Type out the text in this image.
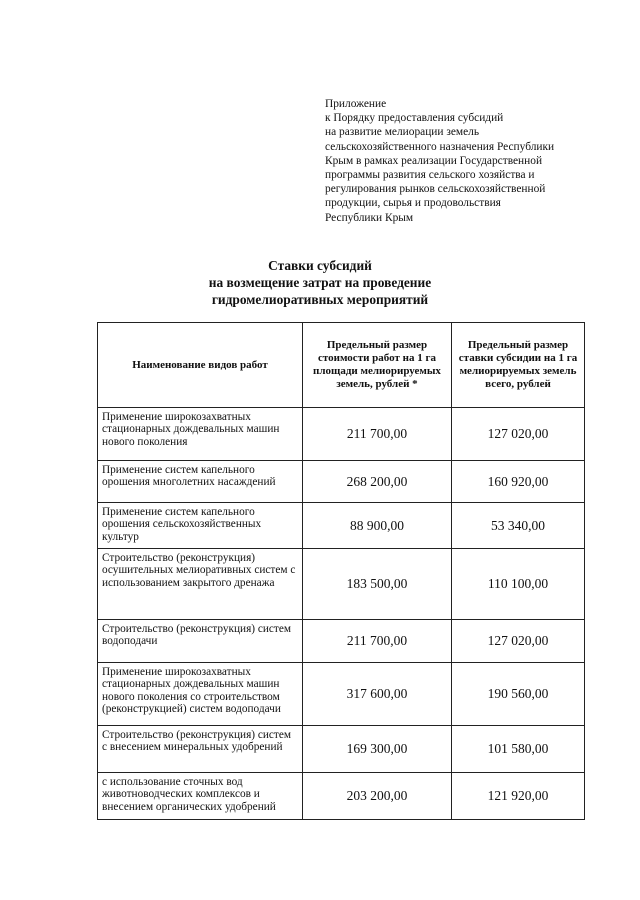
Приложение
к Порядку предоставления субсидий
на развитие мелиорации земель
сельскохозяйственного назначения Республики
Крым в рамках реализации Государственной
программы развития сельского хозяйства и
регулирования рынков сельскохозяйственной
продукции, сырья и продовольствия
Республики Крым
Ставки субсидий
на возмещение затрат на проведение
гидромелиоративных мероприятий
Наименование видов работ	Предельный размер стоимости работ на 1 га площади мелиорируемых земель, рублей *	Предельный размер ставки субсидии на 1 га мелиорируемых земель всего, рублей
Применение широкозахватных стационарных дождевальных машин нового поколения	211 700,00	127 020,00
Применение систем капельного орошения многолетних насаждений	268 200,00	160 920,00
Применение систем капельного орошения сельскохозяйственных культур	88 900,00	53 340,00
Строительство (реконструкция) осушительных мелиоративных систем с использованием закрытого дренажа	183 500,00	110 100,00
Строительство (реконструкция) систем водоподачи	211 700,00	127 020,00
Применение широкозахватных стационарных дождевальных машин нового поколения со строительством (реконструкцией) систем водоподачи	317 600,00	190 560,00
Строительство (реконструкция) систем с внесением минеральных удобрений	169 300,00	101 580,00
с использование сточных вод животноводческих комплексов и внесением органических удобрений	203 200,00	121 920,00
